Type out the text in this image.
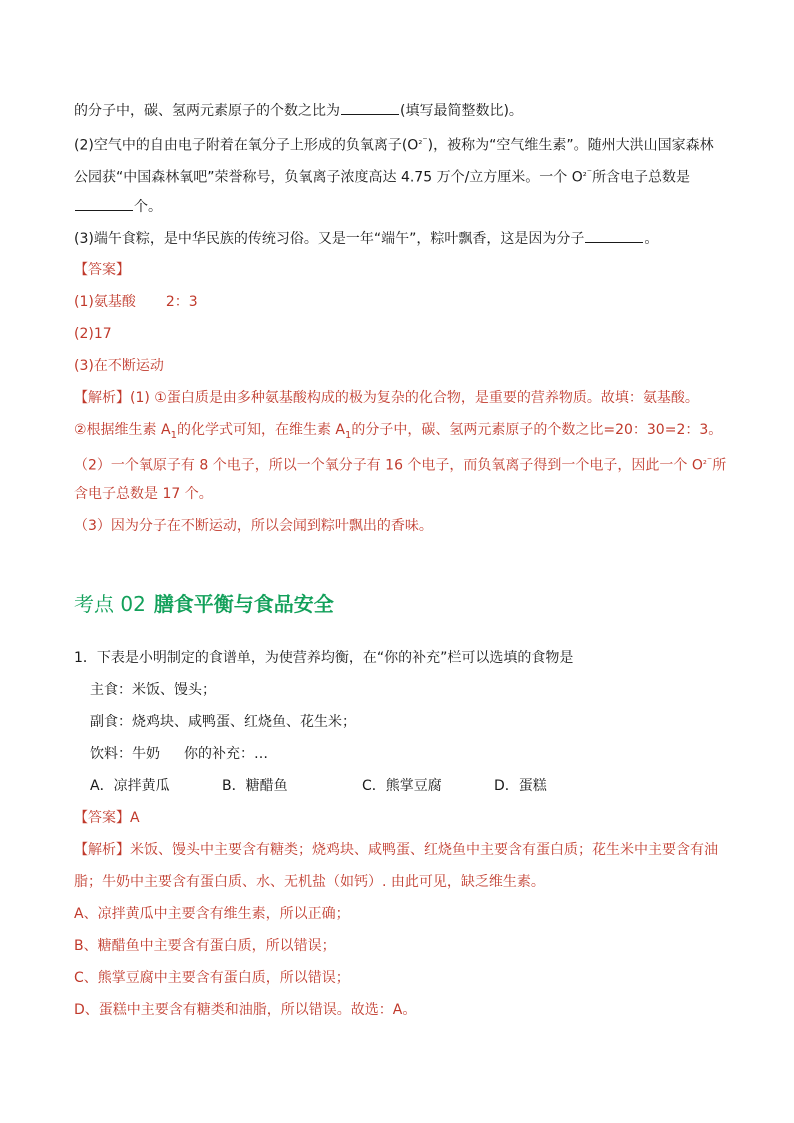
的分子中，碳、氢两元素原子的个数之比为	(填写最简整数比)。
(2)空气中的自由电子附着在氧分子上形成的负氧离子$(O^{_2^-})$，被称为“空气维生素”。随州大洪山国家森林
公园获“中国森林氧吧”荣誉称号，负氧离子浓度高达 4.75 万个/立方厘米。一个 $O^{_2^-}$所含电子总数是
个。
(3)端午食粽，是中华民族的传统习俗。又是一年“端午”，粽叶飘香，这是因为分子	。
【答案】
(1)氨基酸 2：3
(2)17
(3)在不断运动
【解析】(1) ①蛋白质是由多种氨基酸构成的极为复杂的化合物，是重要的营养物质。故填：氨基酸。
②根据维生素 $A_1$的化学式可知，在维生素 $A_1$的分子中，碳、氢两元素原子的个数之比=20：30=2：3。
（2）一个氧原子有 8 个电子，所以一个氧分子有 16 个电子，而负氧离子得到一个电子，因此一个 $O^{_2^-}$所
含电子总数是 17 个。
（3）因为分子在不断运动，所以会闻到粽叶飘出的香味。
考点 02 膳食平衡与食品安全
1．下表是小明制定的食谱单，为使营养均衡，在“你的补充”栏可以选填的食物是
主食：米饭、馒头；
副食：烧鸡块、咸鸭蛋、红烧鱼、花生米；
饮料：牛奶 你的补充：…
A．凉拌黄瓜	B．糖醋鱼	C．熊掌豆腐	D．蛋糕
【答案】A
【解析】米饭、馒头中主要含有糖类；烧鸡块、咸鸭蛋、红烧鱼中主要含有蛋白质；花生米中主要含有油
脂；牛奶中主要含有蛋白质、水、无机盐（如钙）. 由此可见，缺乏维生素。
A、凉拌黄瓜中主要含有维生素，所以正确；
B、糖醋鱼中主要含有蛋白质，所以错误；
C、熊掌豆腐中主要含有蛋白质，所以错误；
D、蛋糕中主要含有糖类和油脂，所以错误。故选：A。
